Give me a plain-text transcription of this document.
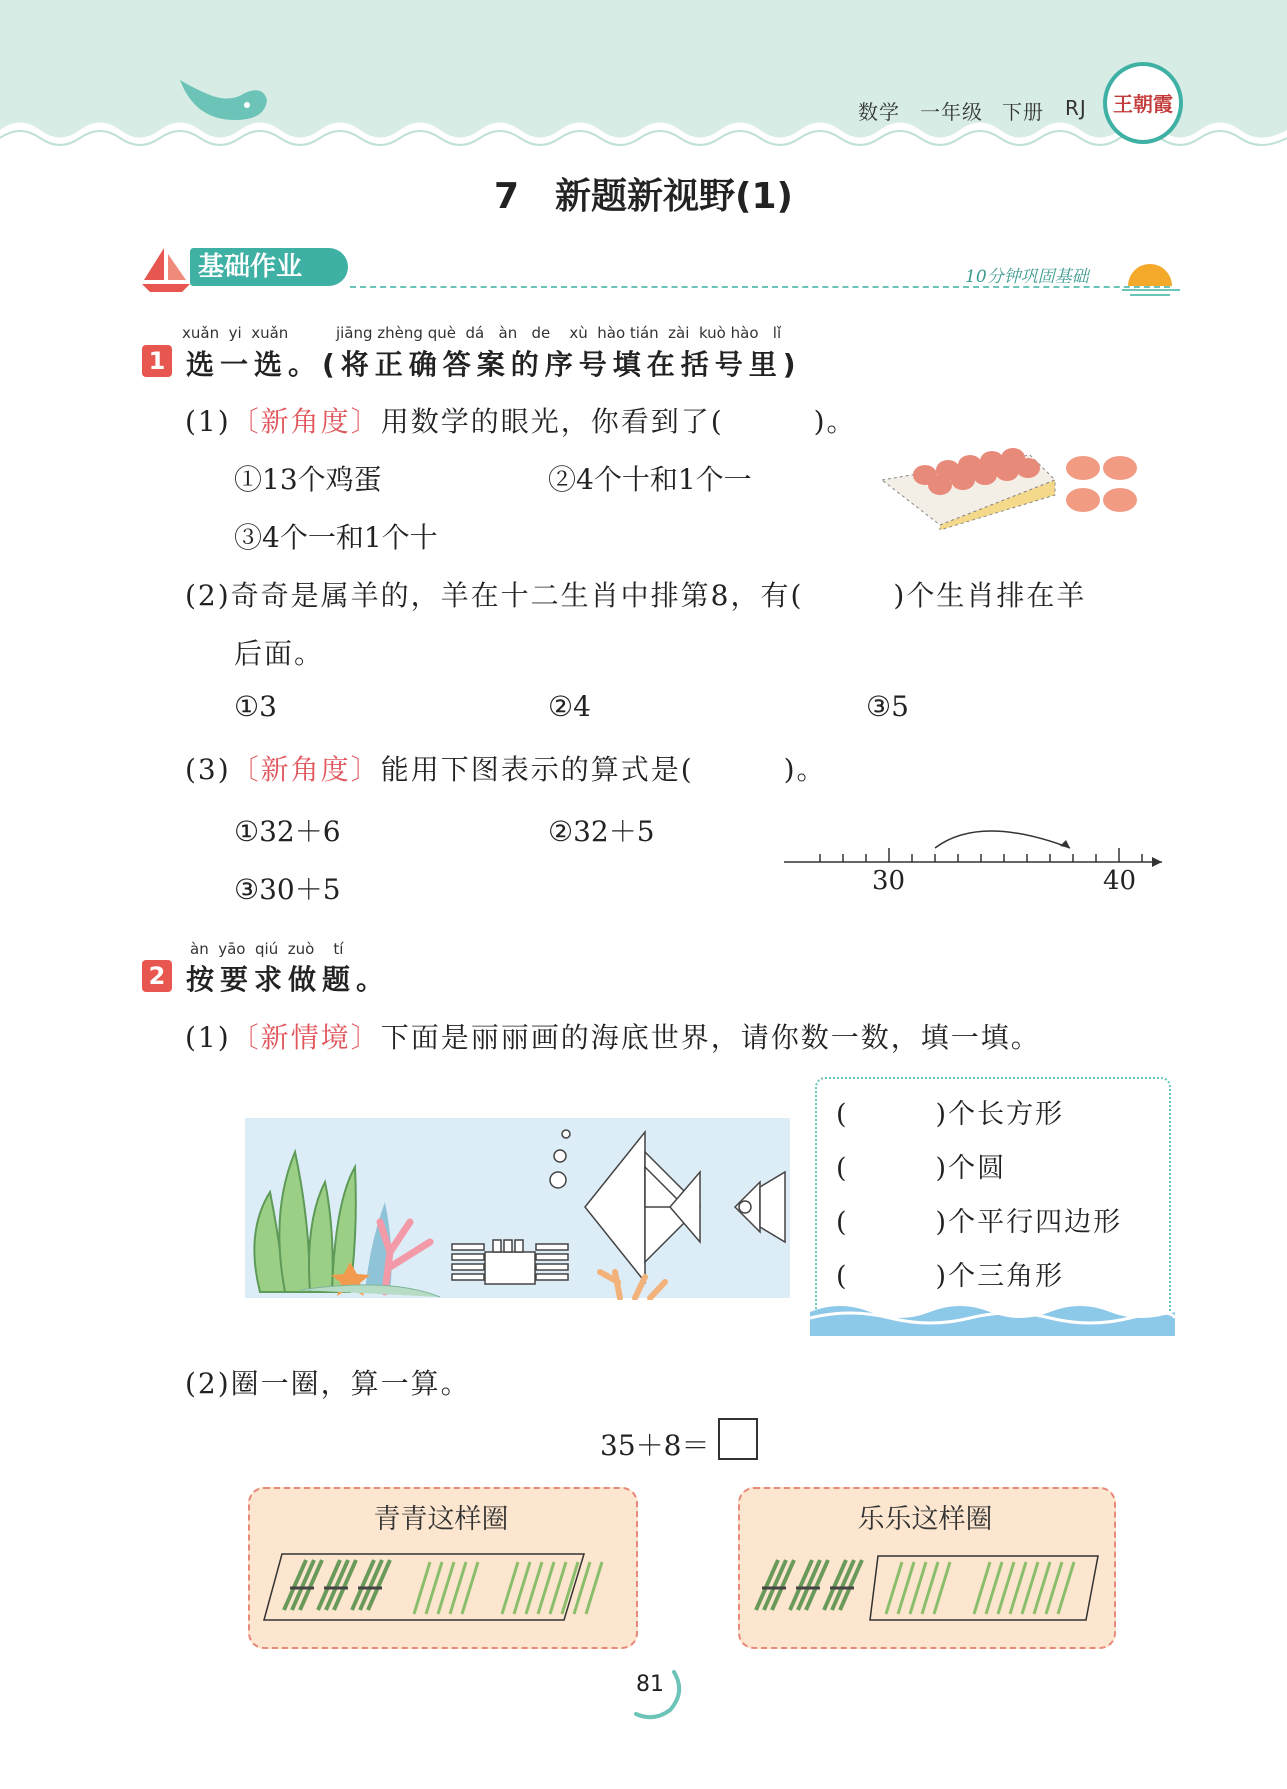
数学 一年级 下册 RJ	王朝霞
7　新题新视野(1)
基础作业	10分钟巩固基础
xuǎn  yi  xuǎn          jiāng zhèng què  dá   àn   de    xù  hào tián  zài  kuò hào   lǐ
1 选一选。(将正确答案的序号填在括号里)
(1)〔新角度〕用数学的眼光，你看到了(　　　)。
①13个鸡蛋	②4个十和1个一
③4个一和1个十
(2)奇奇是属羊的，羊在十二生肖中排第8，有(　　　)个生肖排在羊
后面。
①3	②4	③5
(3)〔新角度〕能用下图表示的算式是(　　　)。
①32＋6	②32＋5
③30＋5	30	40
àn  yāo  qiú  zuò    tí
2 按要求做题。
(1)〔新情境〕下面是丽丽画的海底世界，请你数一数，填一填。
(　　　)个长方形
(　　　)个圆
(　　　)个平行四边形
(　　　)个三角形
(2)圈一圈，算一算。
35＋8＝
青青这样圈	乐乐这样圈
81
